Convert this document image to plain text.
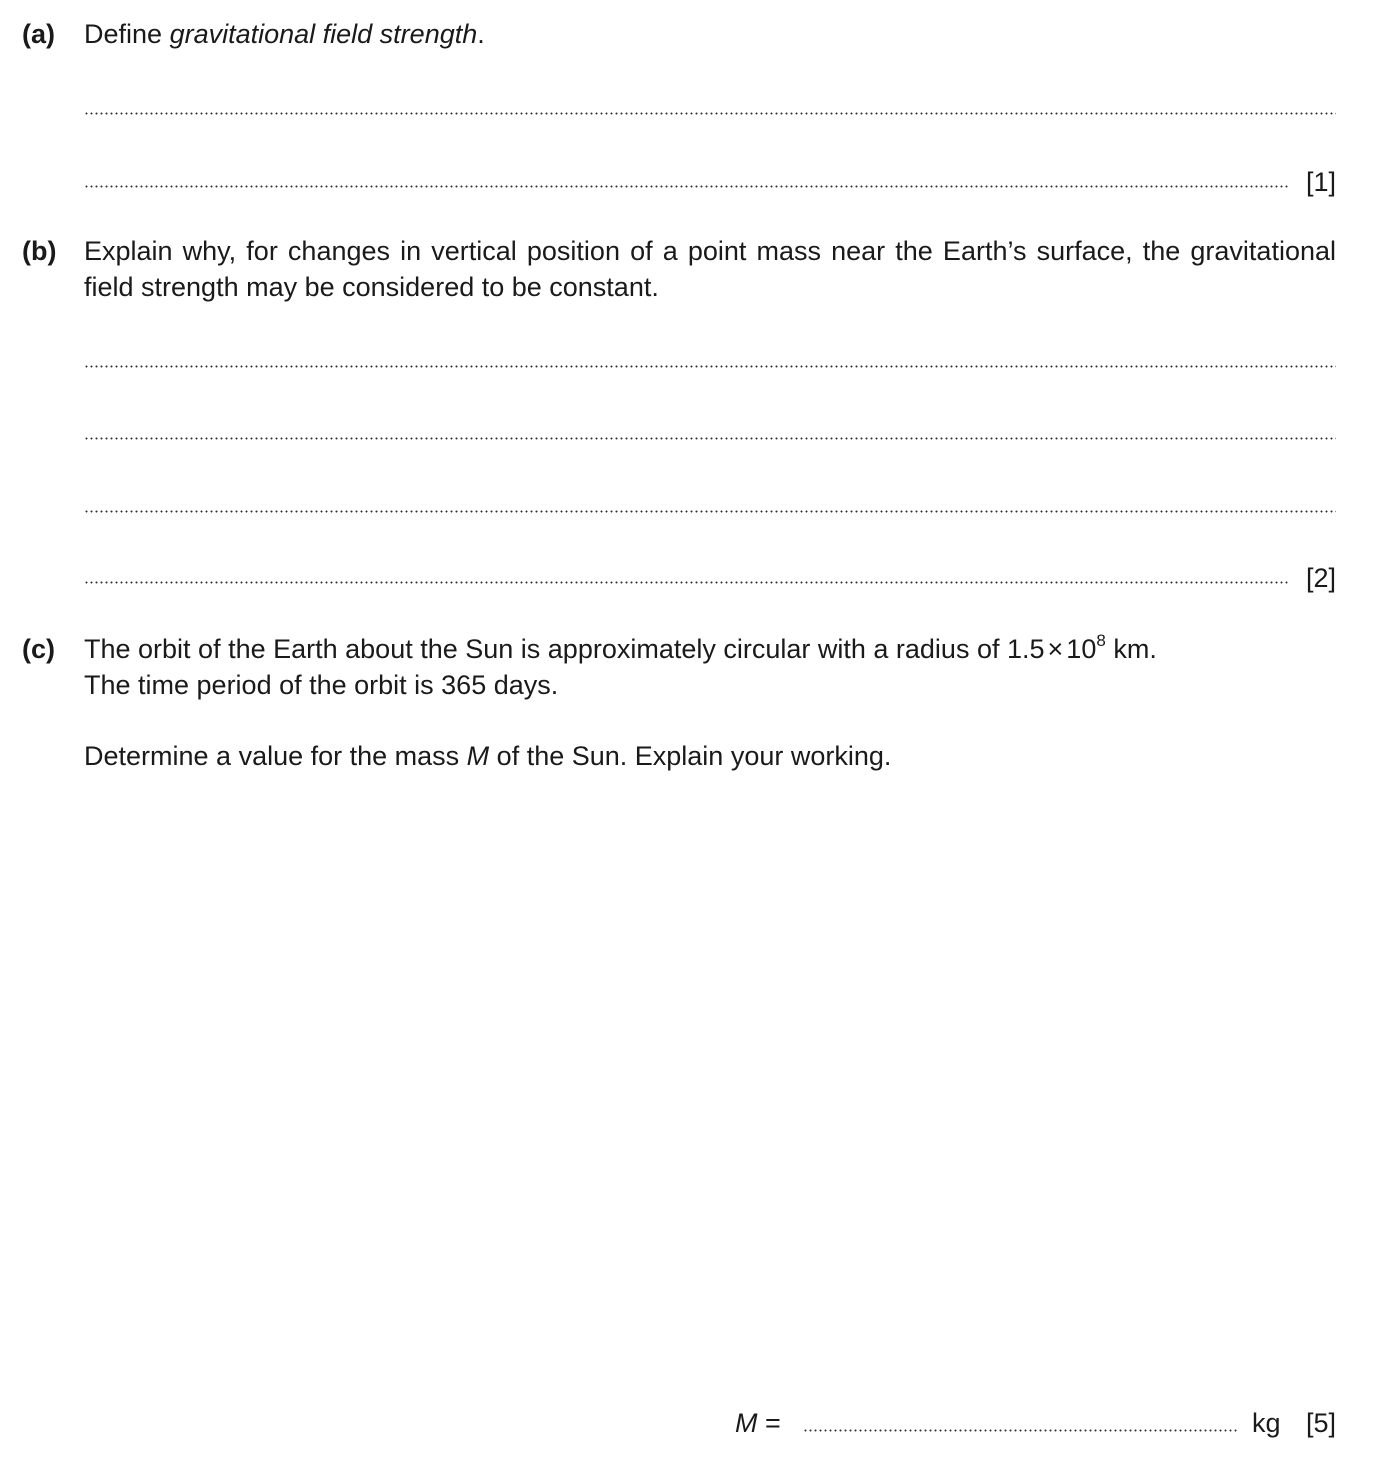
(a) Define gravitational field strength.
[1]
(b) Explain why, for changes in vertical position of a point mass near the Earth’s surface, the gravitational field strength may be considered to be constant.
[2]
(c) The orbit of the Earth about the Sun is approximately circular with a radius of $1.5 \times 10^8$ km.
The time period of the orbit is 365 days.
Determine a value for the mass M of the Sun. Explain your working.
M =	kg [5]
